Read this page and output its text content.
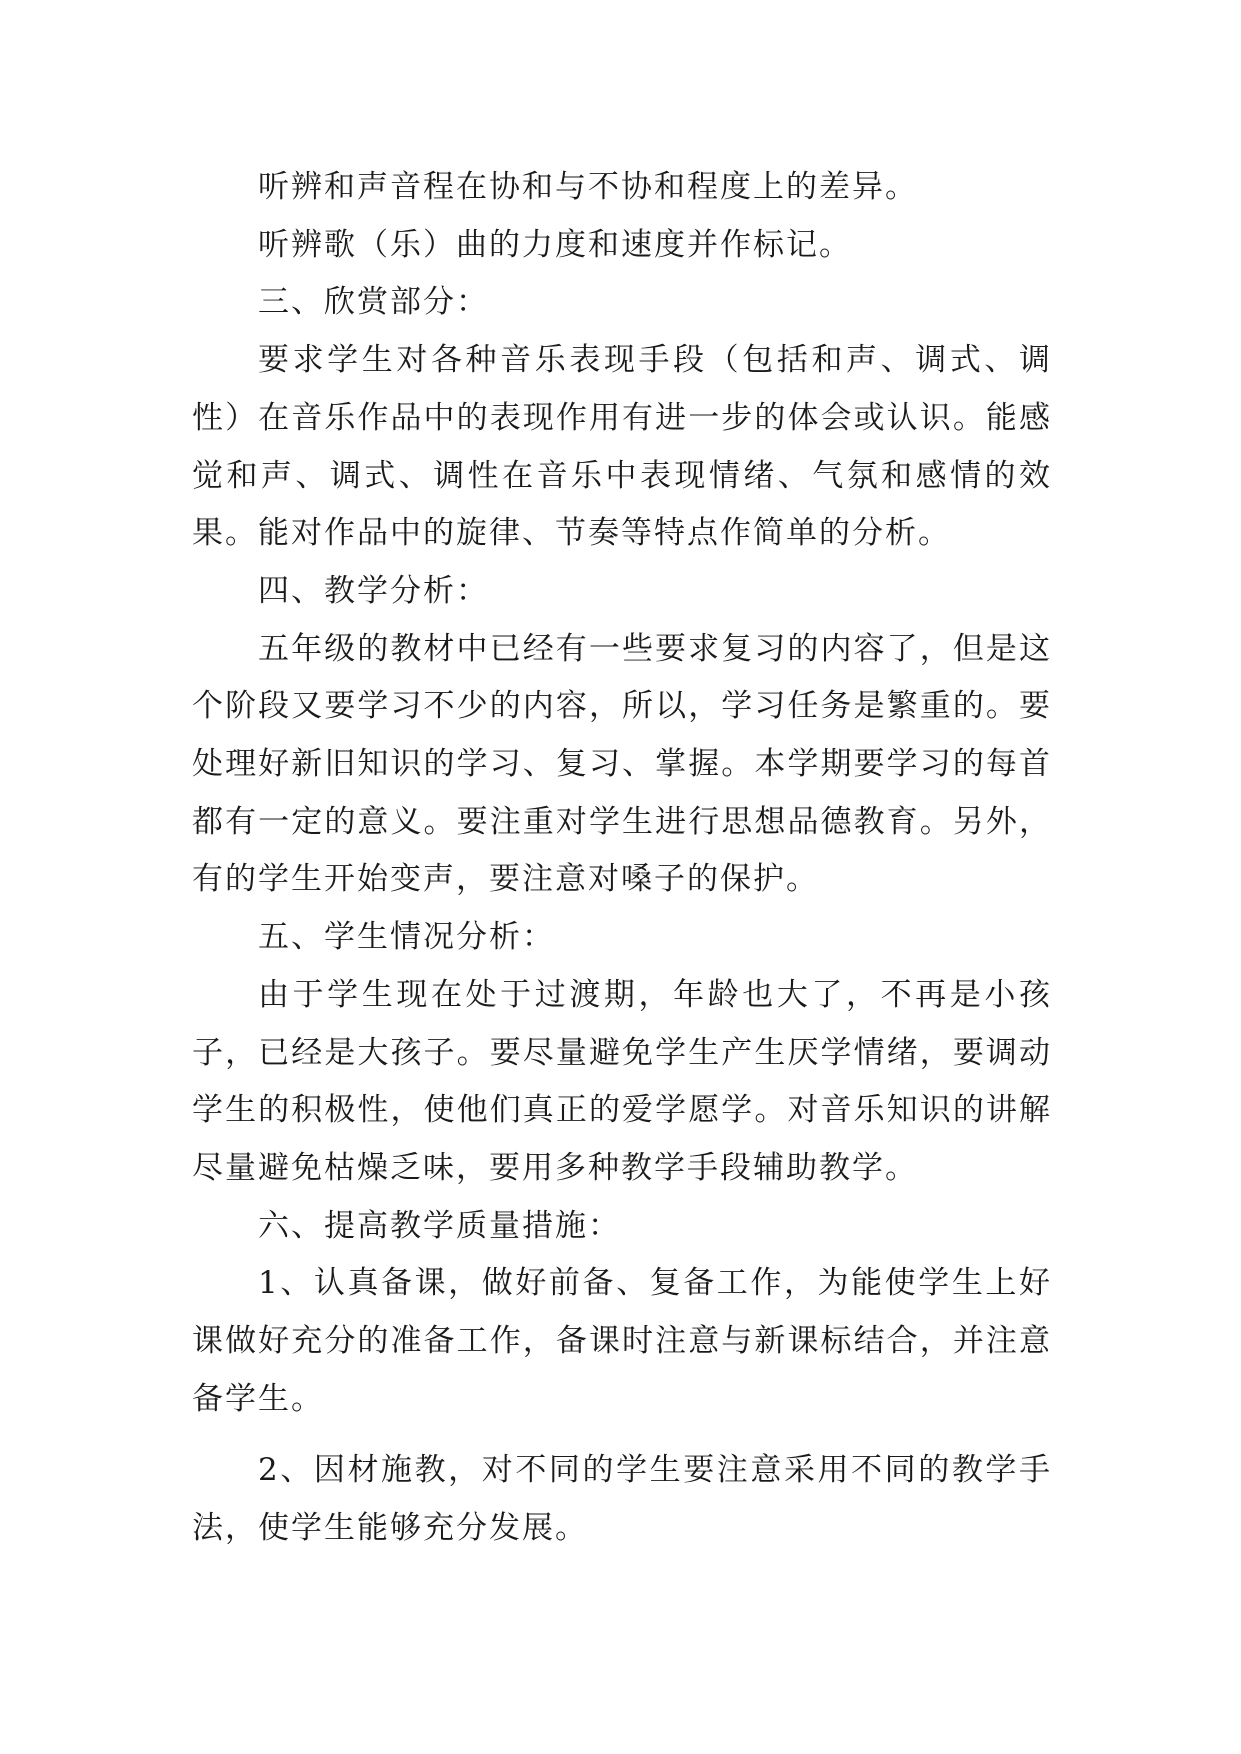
听辨和声音程在协和与不协和程度上的差异。

听辨歌（乐）曲的力度和速度并作标记。

三、欣赏部分：

要求学生对各种音乐表现手段（包括和声、调式、调性）在音乐作品中的表现作用有进一步的体会或认识。能感觉和声、调式、调性在音乐中表现情绪、气氛和感情的效果。能对作品中的旋律、节奏等特点作简单的分析。

四、教学分析：

五年级的教材中已经有一些要求复习的内容了，但是这个阶段又要学习不少的内容，所以，学习任务是繁重的。要处理好新旧知识的学习、复习、掌握。本学期要学习的每首都有一定的意义。要注重对学生进行思想品德教育。另外，有的学生开始变声，要注意对嗓子的保护。

五、学生情况分析：

由于学生现在处于过渡期，年龄也大了，不再是小孩子，已经是大孩子。要尽量避免学生产生厌学情绪，要调动学生的积极性，使他们真正的爱学愿学。对音乐知识的讲解尽量避免枯燥乏味，要用多种教学手段辅助教学。

六、提高教学质量措施：

1、认真备课，做好前备、复备工作，为能使学生上好课做好充分的准备工作，备课时注意与新课标结合，并注意备学生。

2、因材施教，对不同的学生要注意采用不同的教学手法，使学生能够充分发展。
